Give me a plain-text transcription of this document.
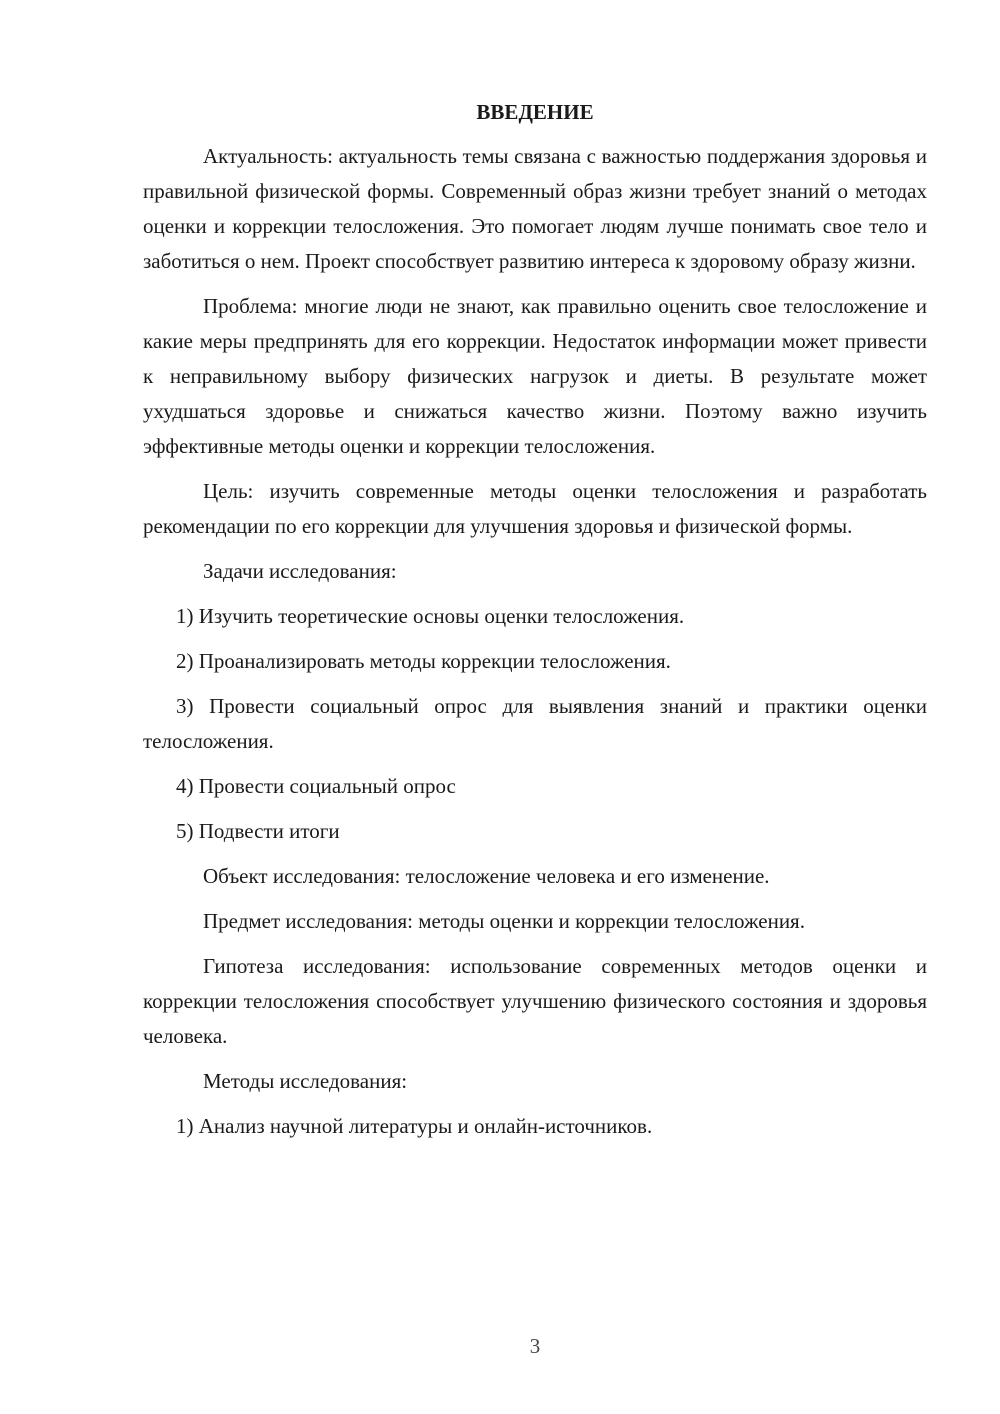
ВВЕДЕНИЕ
Актуальность: актуальность темы связана с важностью поддержания здоровья и правильной физической формы. Современный образ жизни требует знаний о методах оценки и коррекции телосложения. Это помогает людям лучше понимать свое тело и заботиться о нем. Проект способствует развитию интереса к здоровому образу жизни.
Проблема: многие люди не знают, как правильно оценить свое телосложение и какие меры предпринять для его коррекции. Недостаток информации может привести к неправильному выбору физических нагрузок и диеты. В результате может ухудшаться здоровье и снижаться качество жизни. Поэтому важно изучить эффективные методы оценки и коррекции телосложения.
Цель: изучить современные методы оценки телосложения и разработать рекомендации по его коррекции для улучшения здоровья и физической формы.
Задачи исследования:
1) Изучить теоретические основы оценки телосложения.
2) Проанализировать методы коррекции телосложения.
3) Провести социальный опрос для выявления знаний и практики оценки телосложения.
4) Провести социальный опрос
5) Подвести итоги
Объект исследования: телосложение человека и его изменение.
Предмет исследования: методы оценки и коррекции телосложения.
Гипотеза исследования: использование современных методов оценки и коррекции телосложения способствует улучшению физического состояния и здоровья человека.
Методы исследования:
1) Анализ научной литературы и онлайн-источников.
3
